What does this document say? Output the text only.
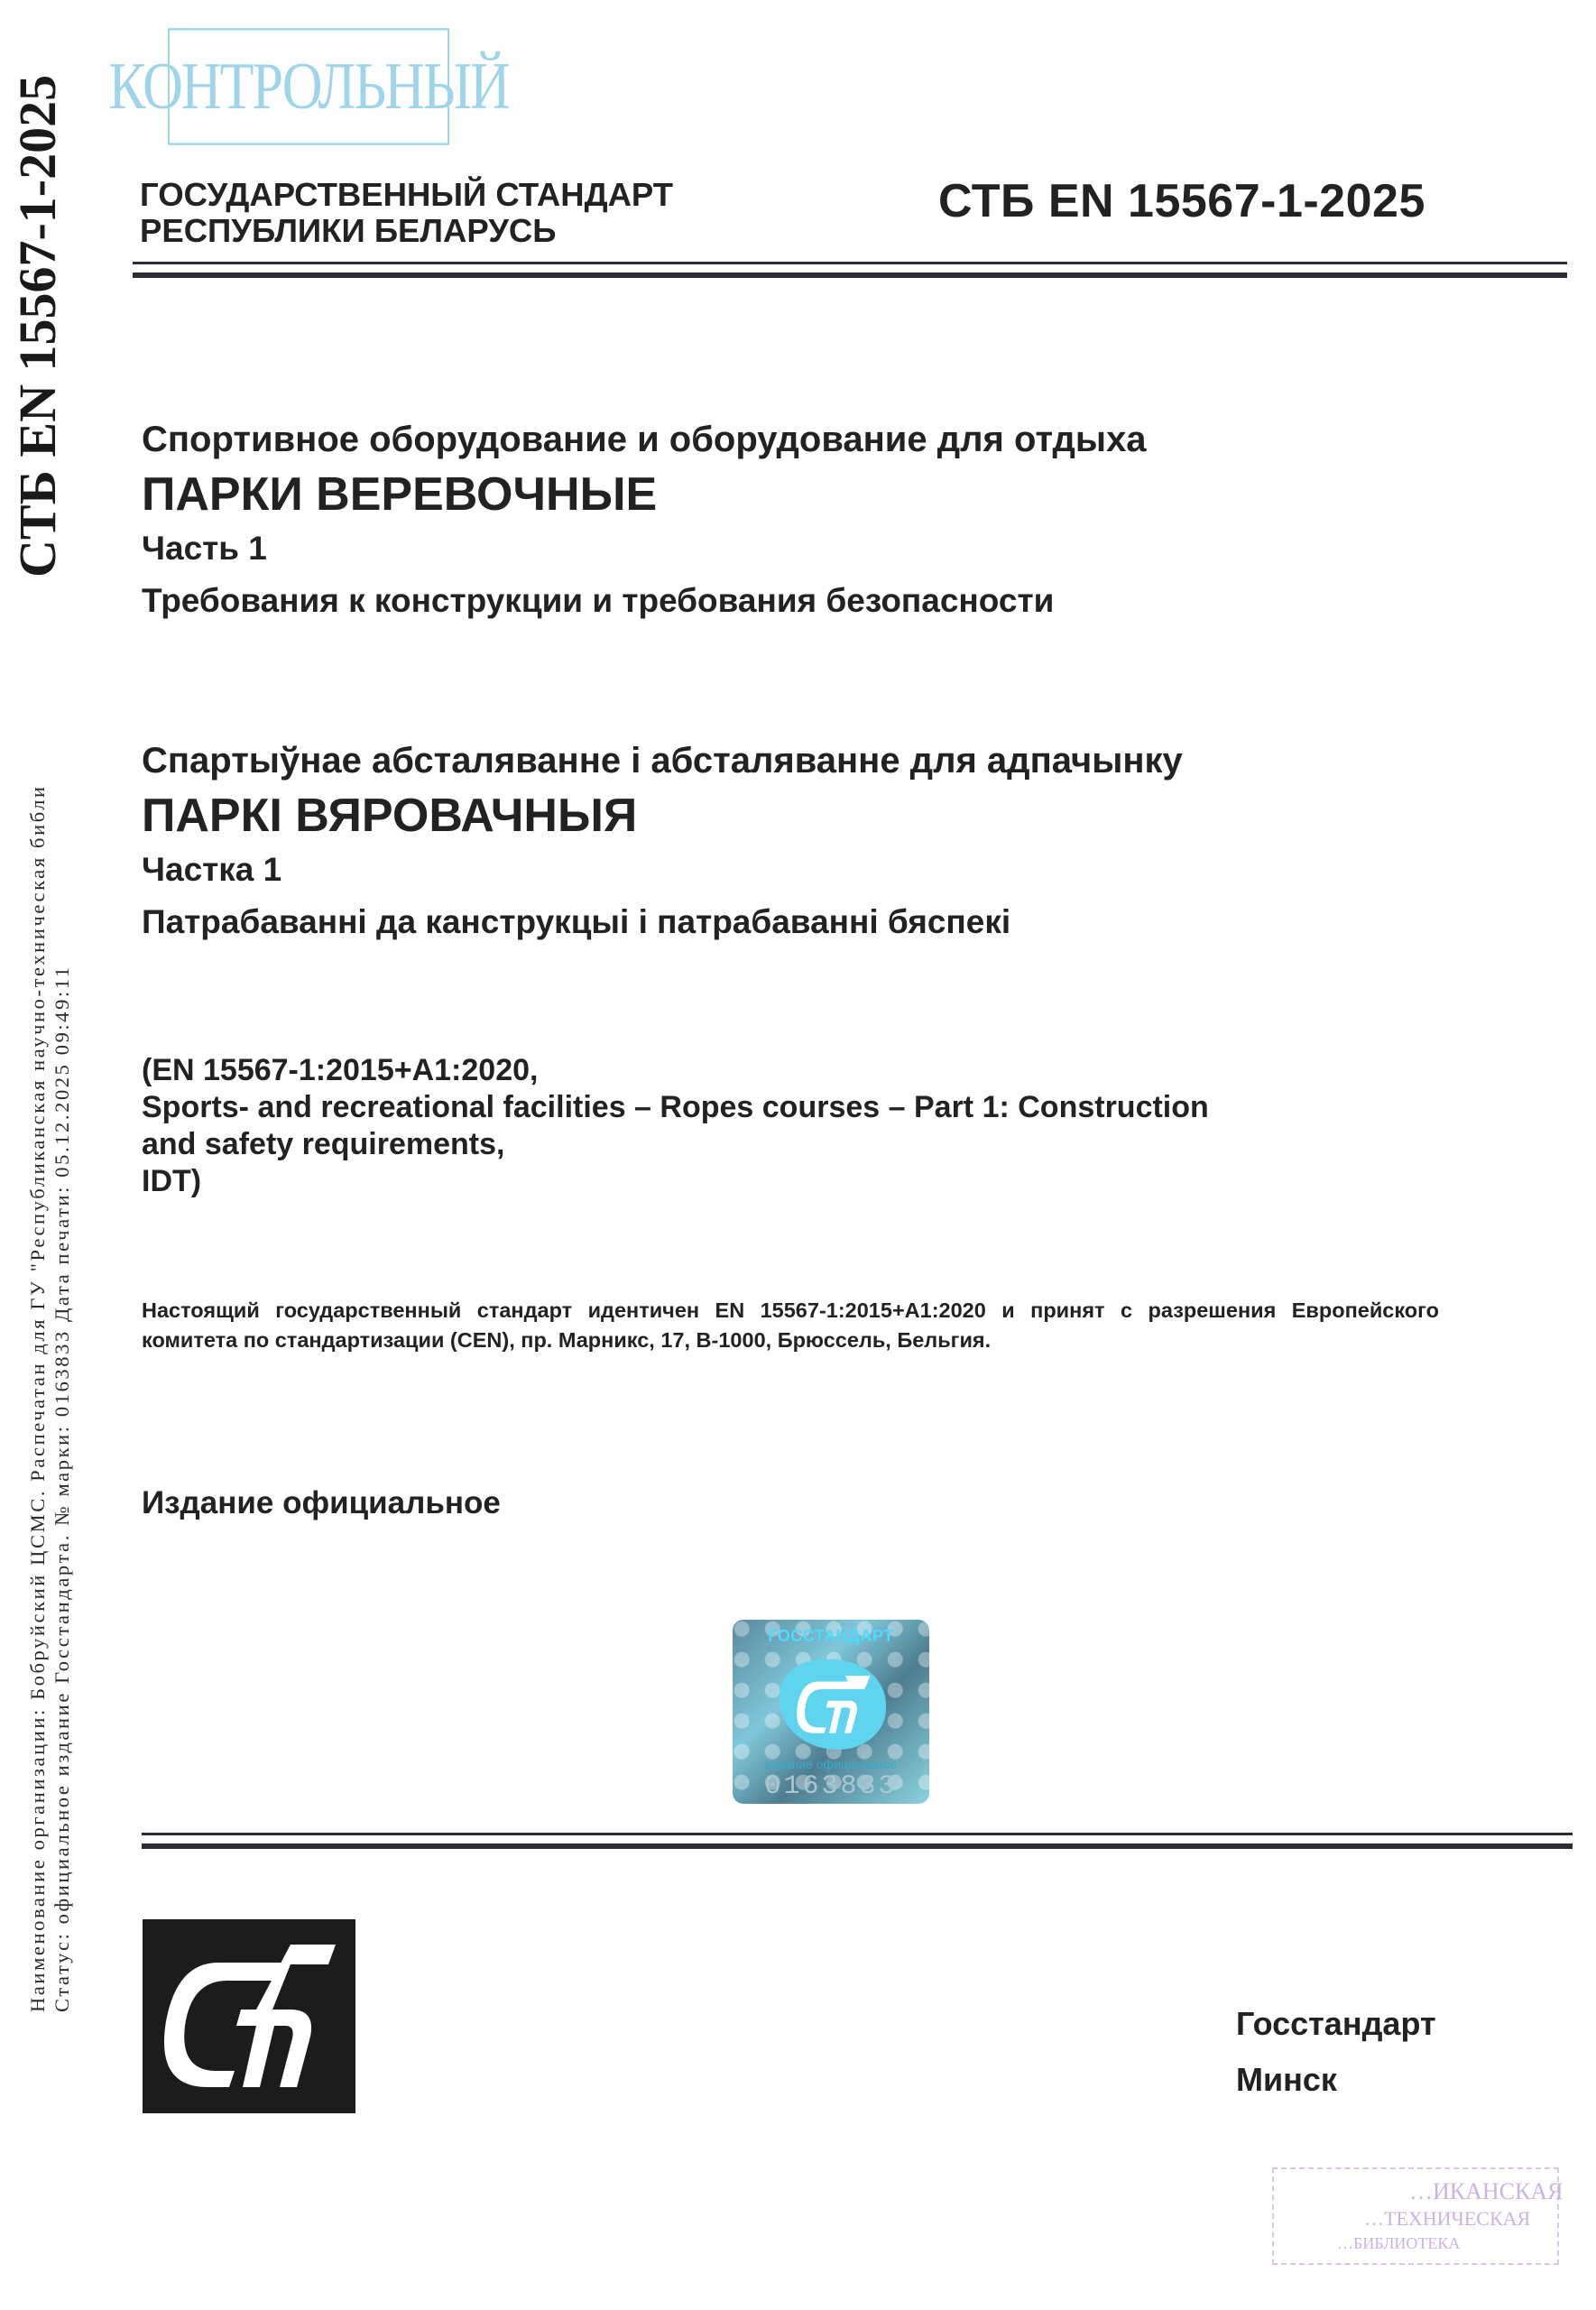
СТБ EN 15567-1-2025
Наименование организации: Бобруйский ЦСМС. Распечатан для ГУ "Республиканская научно-техническая библи Статус: официальное издание Госстандарта. № марки: 0163833 Дата печати: 05.12.2025 09:49:11
КОНТРОЛЬНЫЙ
ГОСУДАРСТВЕННЫЙ СТАНДАРТ
РЕСПУБЛИКИ БЕЛАРУСЬ
СТБ EN 15567-1-2025
Спортивное оборудование и оборудование для отдыха
ПАРКИ ВЕРЕВОЧНЫЕ
Часть 1
Требования к конструкции и требования безопасности
Спартыўнае абсталяванне і абсталяванне для адпачынку
ПАРКІ ВЯРОВАЧНЫЯ
Частка 1
Патрабаванні да канструкцыі і патрабаванні бяспекі
(EN 15567-1:2015+A1:2020,
Sports- and recreational facilities – Ropes courses – Part 1: Construction
and safety requirements,
IDT)
Настоящий государственный стандарт идентичен EN 15567-1:2015+A1:2020 и принят с разрешения Европейского комитета по стандартизации (CEN), пр. Марникс, 17, B-1000, Брюссель, Бельгия.
Издание официальное
ГОССТАНДАРТ
издание официальное
0163833
Госстандарт
Минск
…ИКАНСКАЯ
…ТЕХНИЧЕСКАЯ
…БИБЛИОТЕКА
